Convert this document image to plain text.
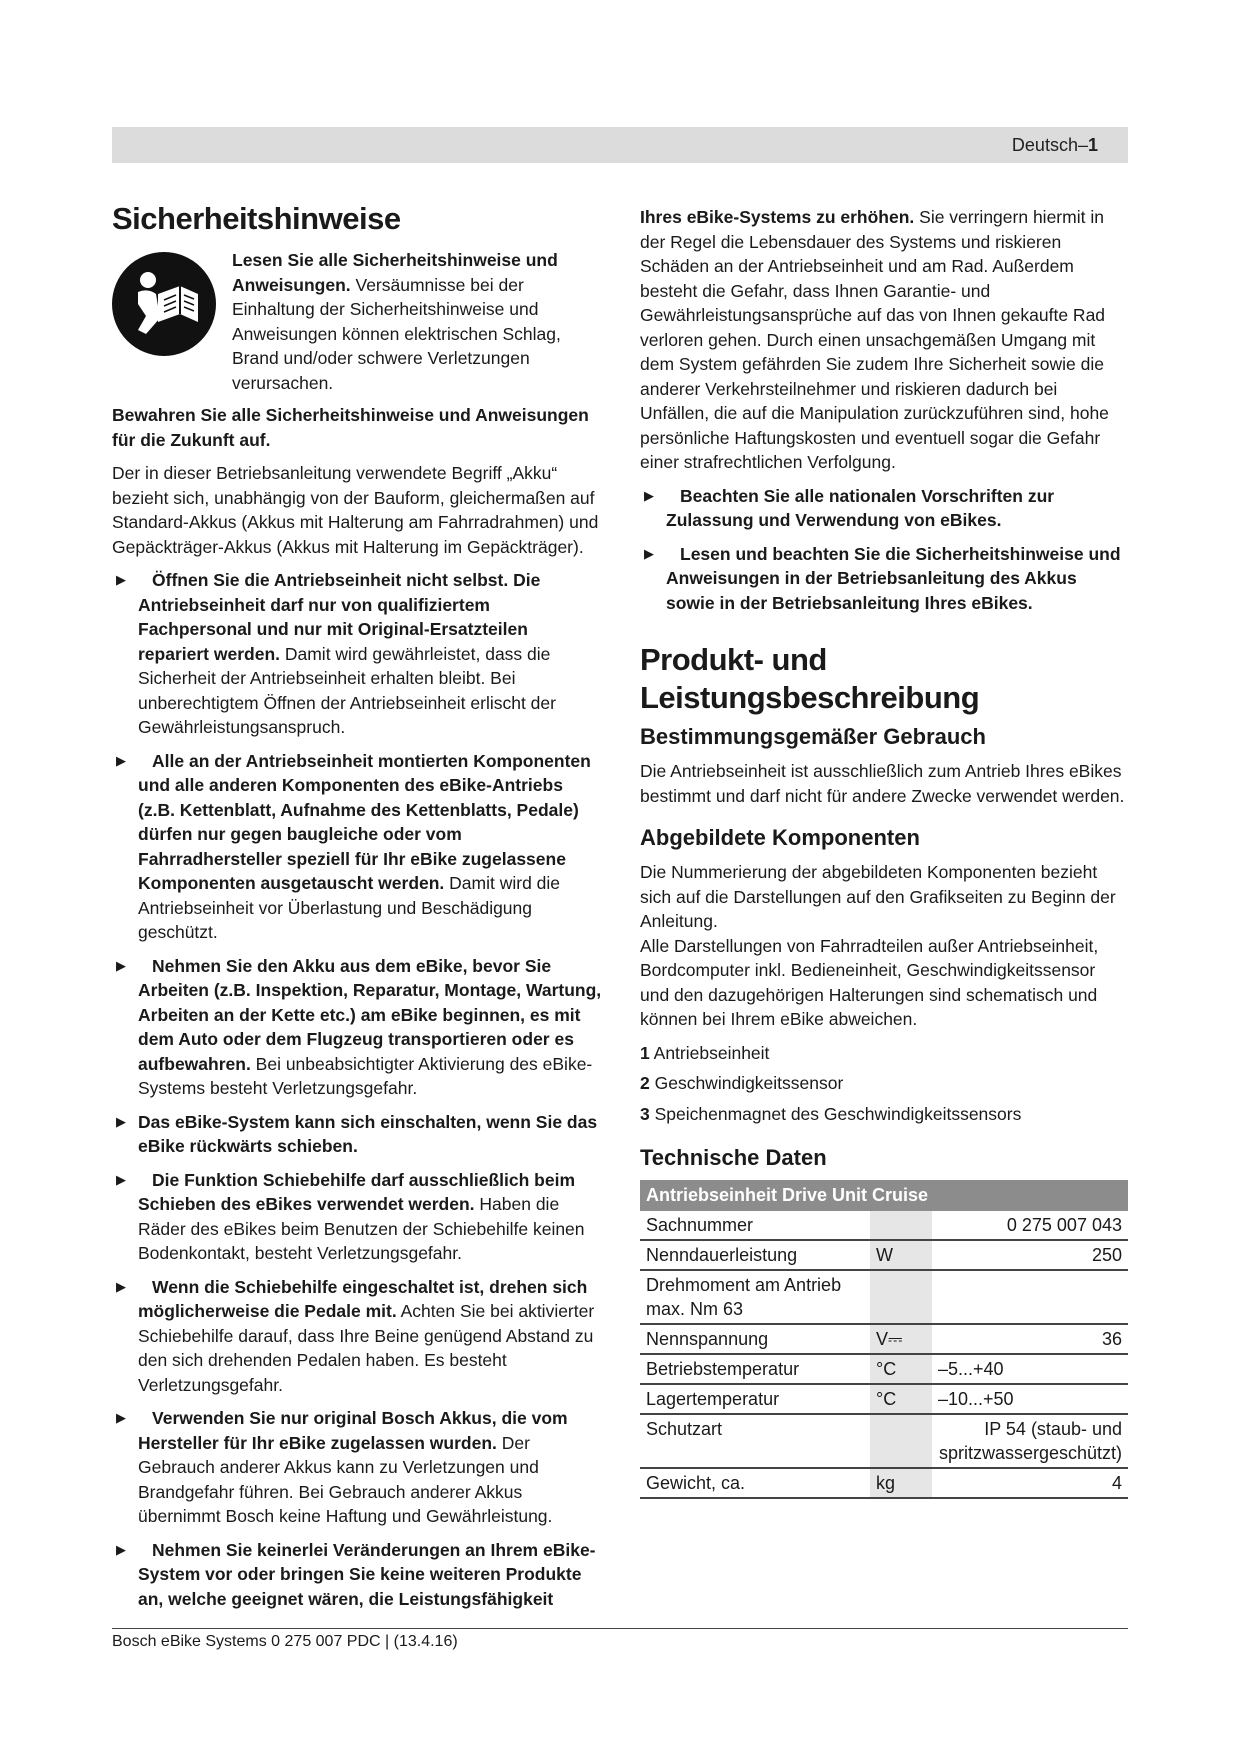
Deutsch – 1
Sicherheitshinweise
Lesen Sie alle Sicherheitshinweise und Anweisungen. Versäumnisse bei der Einhaltung der Sicherheitshinweise und Anweisungen können elektrischen Schlag, Brand und/oder schwere Verletzungen verursachen.

Bewahren Sie alle Sicherheitshinweise und Anweisungen für die Zukunft auf.

Der in dieser Betriebsanleitung verwendete Begriff „Akku“ bezieht sich, unabhängig von der Bauform, gleichermaßen auf Standard-Akkus (Akkus mit Halterung am Fahrradrahmen) und Gepäckträger-Akkus (Akkus mit Halterung im Gepäckträger).

▶ Öffnen Sie die Antriebseinheit nicht selbst. Die Antriebseinheit darf nur von qualifiziertem Fachpersonal und nur mit Original-Ersatzteilen repariert werden. Damit wird gewährleistet, dass die Sicherheit der Antriebseinheit erhalten bleibt. Bei unberechtigtem Öffnen der Antriebseinheit erlischt der Gewährleistungsanspruch.
▶ Alle an der Antriebseinheit montierten Komponenten und alle anderen Komponenten des eBike-Antriebs (z.B. Kettenblatt, Aufnahme des Kettenblatts, Pedale) dürfen nur gegen baugleiche oder vom Fahrradhersteller speziell für Ihr eBike zugelassene Komponenten ausgetauscht werden. Damit wird die Antriebseinheit vor Überlastung und Beschädigung geschützt.
▶ Nehmen Sie den Akku aus dem eBike, bevor Sie Arbeiten (z.B. Inspektion, Reparatur, Montage, Wartung, Arbeiten an der Kette etc.) am eBike beginnen, es mit dem Auto oder dem Flugzeug transportieren oder es aufbewahren. Bei unbeabsichtigter Aktivierung des eBike-Systems besteht Verletzungsgefahr.
▶ Das eBike-System kann sich einschalten, wenn Sie das eBike rückwärts schieben.
▶ Die Funktion Schiebehilfe darf ausschließlich beim Schieben des eBikes verwendet werden. Haben die Räder des eBikes beim Benutzen der Schiebehilfe keinen Bodenkontakt, besteht Verletzungsgefahr.
▶ Wenn die Schiebehilfe eingeschaltet ist, drehen sich möglicherweise die Pedale mit. Achten Sie bei aktivierter Schiebehilfe darauf, dass Ihre Beine genügend Abstand zu den sich drehenden Pedalen haben. Es besteht Verletzungsgefahr.
▶ Verwenden Sie nur original Bosch Akkus, die vom Hersteller für Ihr eBike zugelassen wurden. Der Gebrauch anderer Akkus kann zu Verletzungen und Brandgefahr führen. Bei Gebrauch anderer Akkus übernimmt Bosch keine Haftung und Gewährleistung.
▶ Nehmen Sie keinerlei Veränderungen an Ihrem eBike-System vor oder bringen Sie keine weiteren Produkte an, welche geeignet wären, die Leistungsfähigkeit

Ihres eBike-Systems zu erhöhen. Sie verringern hiermit in der Regel die Lebensdauer des Systems und riskieren Schäden an der Antriebseinheit und am Rad. Außerdem besteht die Gefahr, dass Ihnen Garantie- und Gewährleistungsansprüche auf das von Ihnen gekaufte Rad verloren gehen. Durch einen unsachgemäßen Umgang mit dem System gefährden Sie zudem Ihre Sicherheit sowie die anderer Verkehrsteilnehmer und riskieren dadurch bei Unfällen, die auf die Manipulation zurückzuführen sind, hohe persönliche Haftungskosten und eventuell sogar die Gefahr einer strafrechtlichen Verfolgung.

▶ Beachten Sie alle nationalen Vorschriften zur Zulassung und Verwendung von eBikes.
▶ Lesen und beachten Sie die Sicherheitshinweise und Anweisungen in der Betriebsanleitung des Akkus sowie in der Betriebsanleitung Ihres eBikes.
Produkt- und Leistungsbeschreibung
Bestimmungsgemäßer Gebrauch

Die Antriebseinheit ist ausschließlich zum Antrieb Ihres eBikes bestimmt und darf nicht für andere Zwecke verwendet werden.

Abgebildete Komponenten

Die Nummerierung der abgebildeten Komponenten bezieht sich auf die Darstellungen auf den Grafikseiten zu Beginn der Anleitung.

Alle Darstellungen von Fahrradteilen außer Antriebseinheit, Bordcomputer inkl. Bedieneinheit, Geschwindigkeitssensor und den dazugehörigen Halterungen sind schematisch und können bei Ihrem eBike abweichen.

1 Antriebseinheit
2 Geschwindigkeitssensor
3 Speichenmagnet des Geschwindigkeitssensors
Technische Daten
Antriebseinheit Drive Unit Cruise		
Sachnummer		0 275 007 043
Nenndauerleistung	W	250
Drehmoment am Antrieb max. Nm 63		
Nennspannung	V⎓	36
Betriebstemperatur	°C	–5...+40
Lagertemperatur	°C	–10...+50
Schutzart		IP 54 (staub- und spritzwassergeschützt)
Gewicht, ca.	kg	4
Bosch eBike Systems 0 275 007 PDC | (13.4.16)
